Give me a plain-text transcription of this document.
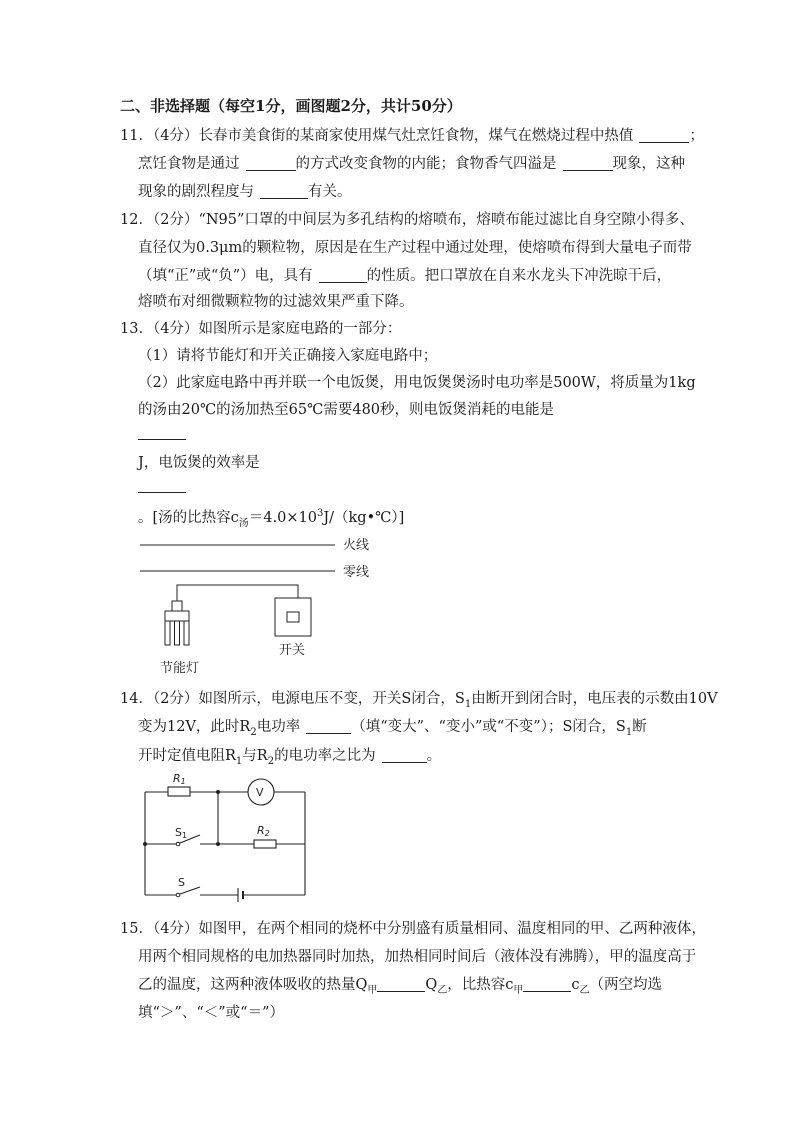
二、非选择题（每空1分，画图题2分，共计50分）
11．（4分）长春市美食街的某商家使用煤气灶烹饪食物，煤气在燃烧过程中热值	；
烹饪食物是通过	的方式改变食物的内能；食物香气四溢是	现象，这种
现象的剧烈程度与	有关。
12．（2分）“N95”口罩的中间层为多孔结构的熔喷布，熔喷布能过滤比自身空隙小得多、
直径仅为0.3μm的颗粒物，原因是在生产过程中通过处理，使熔喷布得到大量电子而带
（填“正”或“负”）电，具有	的性质。把口罩放在自来水龙头下冲洗晾干后，
熔喷布对细微颗粒物的过滤效果严重下降。
13．（4分）如图所示是家庭电路的一部分：
（1）请将节能灯和开关正确接入家庭电路中；
（2）此家庭电路中再并联一个电饭煲，用电饭煲煲汤时电功率是500W，将质量为1kg
的汤由20℃的汤加热至65℃需要480秒，则电饭煲消耗的电能是
J，电饭煲的效率是
。[汤的比热容$c_汤=4.0\times 10^3J/(kg•℃)$]
火线
零线
节能灯
开关
14．（2分）如图所示，电源电压不变，开关S闭合，$S_1$由断开到闭合时，电压表的示数由10V
变为12V，此时$R_2$电功率	（填“变大”、“变小”或“不变”）；S闭合，$S_1$断
开时定值电阻$R_1$与$R_2$的电功率之比为	。
V
R1
S1	R2
S
15．（4分）如图甲，在两个相同的烧杯中分别盛有质量相同、温度相同的甲、乙两种液体，
用两个相同规格的电加热器同时加热，加热相同时间后（液体没有沸腾），甲的温度高于
乙的温度，这两种液体吸收的热量$Q_甲$	$Q_乙$，比热容$c_甲$	$c_乙$（两空均选
填“＞”、“＜”或“＝”）
